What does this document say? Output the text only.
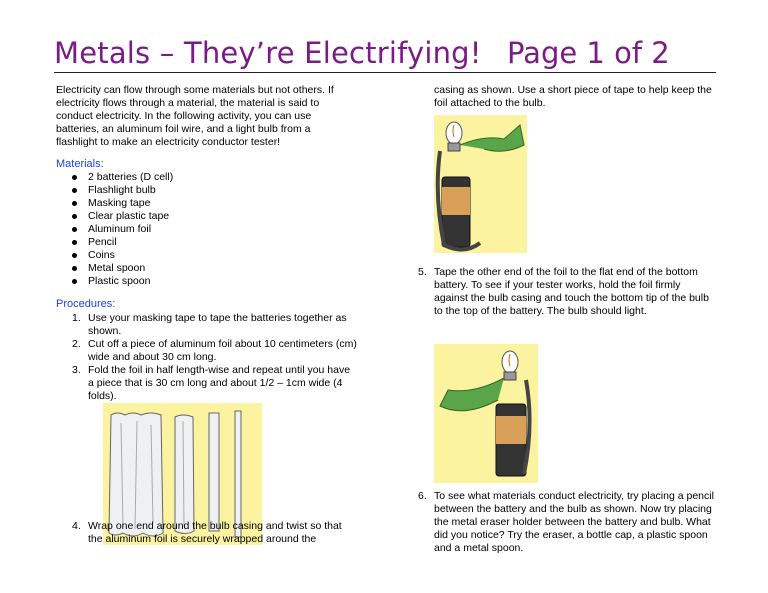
Metals – They’re Electrifying! Page 1 of 2

Electricity can flow through some materials but not others. If electricity flows through a material, the material is said to conduct electricity. In the following activity, you can use batteries, an aluminum foil wire, and a light bulb from a flashlight to make an electricity conductor tester!

Materials:
2 batteries (D cell)
Flashlight bulb
Masking tape
Clear plastic tape
Aluminum foil
Pencil
Coins
Metal spoon
Plastic spoon
Procedures:
1. Use your masking tape to tape the batteries together as shown.
2. Cut off a piece of aluminum foil about 10 centimeters (cm) wide and about 30 cm long.
3. Fold the foil in half length-wise and repeat until you have a piece that is 30 cm long and about 1/2 – 1cm wide (4 folds).
4. Wrap one end around the bulb casing and twist so that the aluminum foil is securely wrapped around the

casing as shown. Use a short piece of tape to help keep the foil attached to the bulb.

5. Tape the other end of the foil to the flat end of the bottom battery. To see if your tester works, hold the foil firmly against the bulb casing and touch the bottom tip of the bulb to the top of the battery. The bulb should light.
6. To see what materials conduct electricity, try placing a pencil between the battery and the bulb as shown. Now try placing the metal eraser holder between the battery and bulb. What did you notice? Try the eraser, a bottle cap, a plastic spoon and a metal spoon.
